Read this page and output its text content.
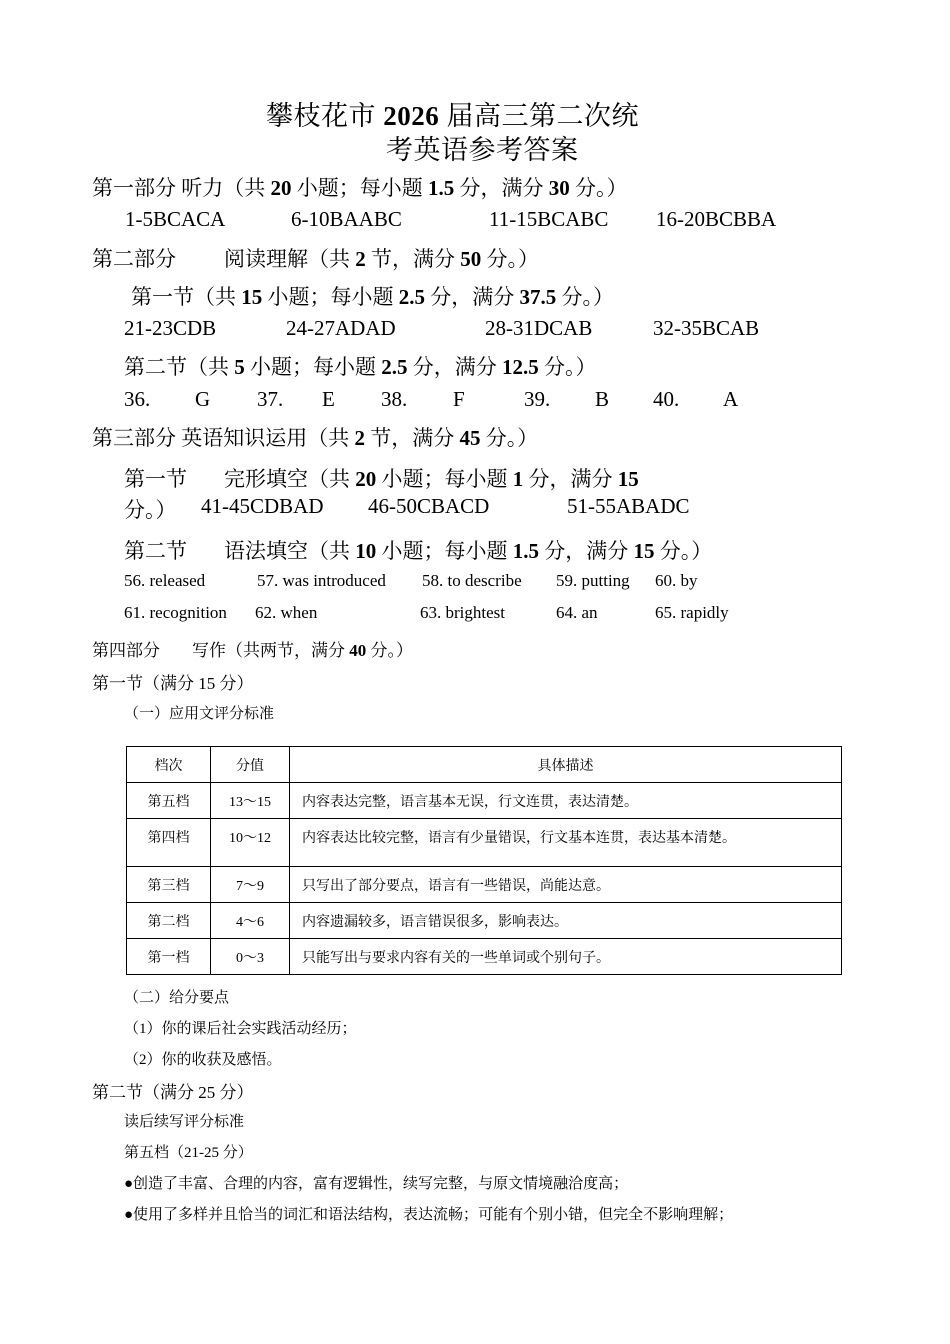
攀枝花市 2026 届高三第二次统
考英语参考答案
第一部分 听力（共 20 小题；每小题 1.5 分，满分 30 分。）
1-5BCACA	6-10BAABC	11-15BCABC 16-20BCBBA
第二部分 阅读理解（共 2 节，满分 50 分。）
第一节（共 15 小题；每小题 2.5 分，满分 37.5 分。）
21-23CDB	24-27ADAD	28-31DCAB	32-35BCAB
第二节（共 5 小题；每小题 2.5 分，满分 12.5 分。）
36. G 37. E 38. F	39. B 40. A
第三部分 英语知识运用（共 2 节，满分 45 分。）
第一节 完形填空（共 20 小题；每小题 1 分，满分 15
分。） 41-45CDBAD 46-50CBACD	51-55ABADC
第二节 语法填空（共 10 小题；每小题 1.5 分，满分 15 分。）
56. released	57. was introduced 58. to describe 59. putting 60. by
61. recognition 62. when	63. brightest	64. an	65. rapidly
第四部分 写作（共两节，满分 40 分。）
第一节（满分 15 分）
（一）应用文评分标准
档次	分值	具体描述
第五档	13～15	内容表达完整，语言基本无误，行文连贯，表达清楚。
第四档	10～12	内容表达比较完整，语言有少量错误，行文基本连贯，表达基本清楚。
第三档	7～9	只写出了部分要点，语言有一些错误，尚能达意。
第二档	4～6	内容遗漏较多，语言错误很多，影响表达。
第一档	0～3	只能写出与要求内容有关的一些单词或个别句子。
（二）给分要点
（1）你的课后社会实践活动经历；
（2）你的收获及感悟。
第二节（满分 25 分）
读后续写评分标准
第五档（21-25 分）
●创造了丰富、合理的内容，富有逻辑性，续写完整，与原文情境融洽度高；
●使用了多样并且恰当的词汇和语法结构，表达流畅；可能有个别小错，但完全不影响理解；
